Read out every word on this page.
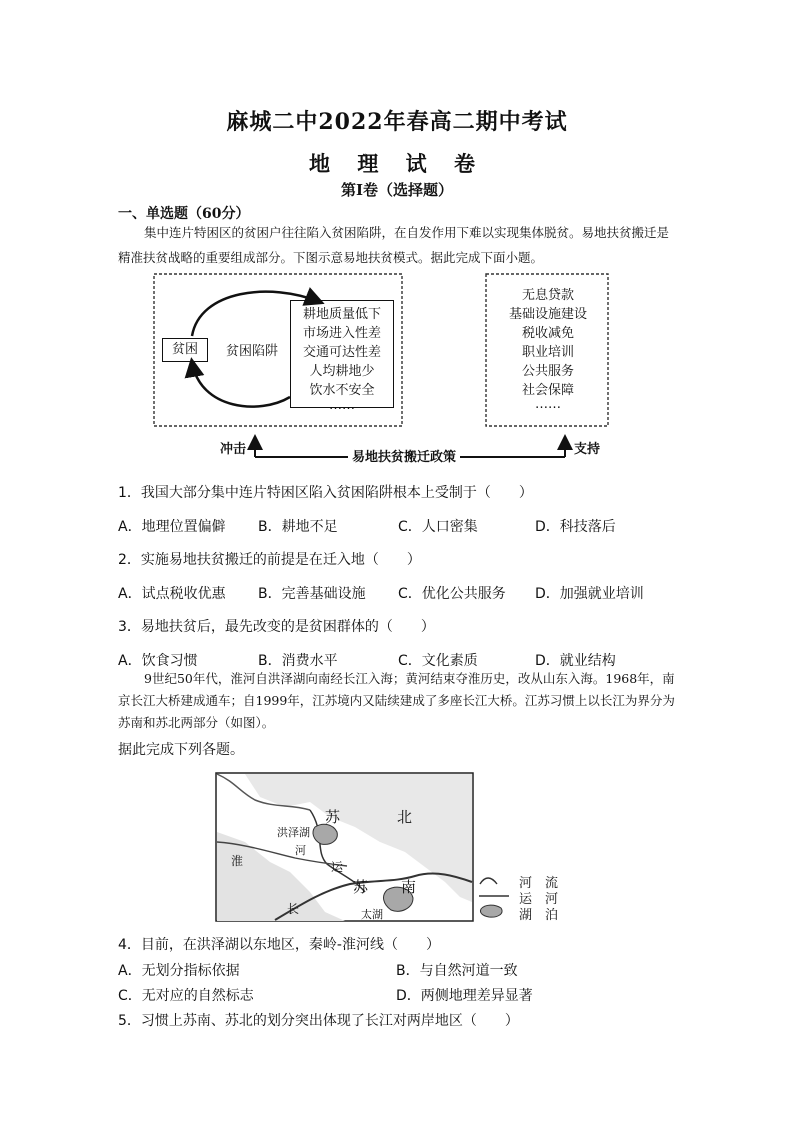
麻城二中2022年春高二期中考试
地 理 试 卷
第I卷（选择题）
一、单选题（60分）
集中连片特困区的贫困户往往陷入贫困陷阱，在自发作用下难以实现集体脱贫。易地扶贫搬迁是精准扶贫战略的重要组成部分。下图示意易地扶贫模式。据此完成下面小题。
贫困	贫困陷阱
耕地质量低下
市场进入性差
交通可达性差
人均耕地少
饮水不安全
……
无息贷款
基础设施建设
税收减免
职业培训
公共服务
社会保障
……
冲击
易地扶贫搬迁政策
支持
1．我国大部分集中连片特困区陷入贫困陷阱根本上受制于（　　）
A．地理位置偏僻 B．耕地不足	C．人口密集	D．科技落后
2．实施易地扶贫搬迁的前提是在迁入地（　　）
A．试点税收优惠 B．完善基础设施 C．优化公共服务 D．加强就业培训
3．易地扶贫后，最先改变的是贫困群体的（　　）
A．饮食习惯	B．消费水平	C．文化素质	D．就业结构
9世纪50年代，淮河自洪泽湖向南经长江入海；黄河结束夺淮历史，改从山东入海。1968年，南京长江大桥建成通车；自1999年，江苏境内又陆续建成了多座长江大桥。江苏习惯上以长江为界分为苏南和苏北两部分（如图）。
据此完成下列各题。
苏	北
苏 南
洪泽湖
河
淮	运
长	太湖
河　流
运　河
湖　泊
4．目前，在洪泽湖以东地区，秦岭-淮河线（　　）
A．无划分指标依据	B．与自然河道一致
C．无对应的自然标志	D．两侧地理差异显著
5．习惯上苏南、苏北的划分突出体现了长江对两岸地区（　　）
